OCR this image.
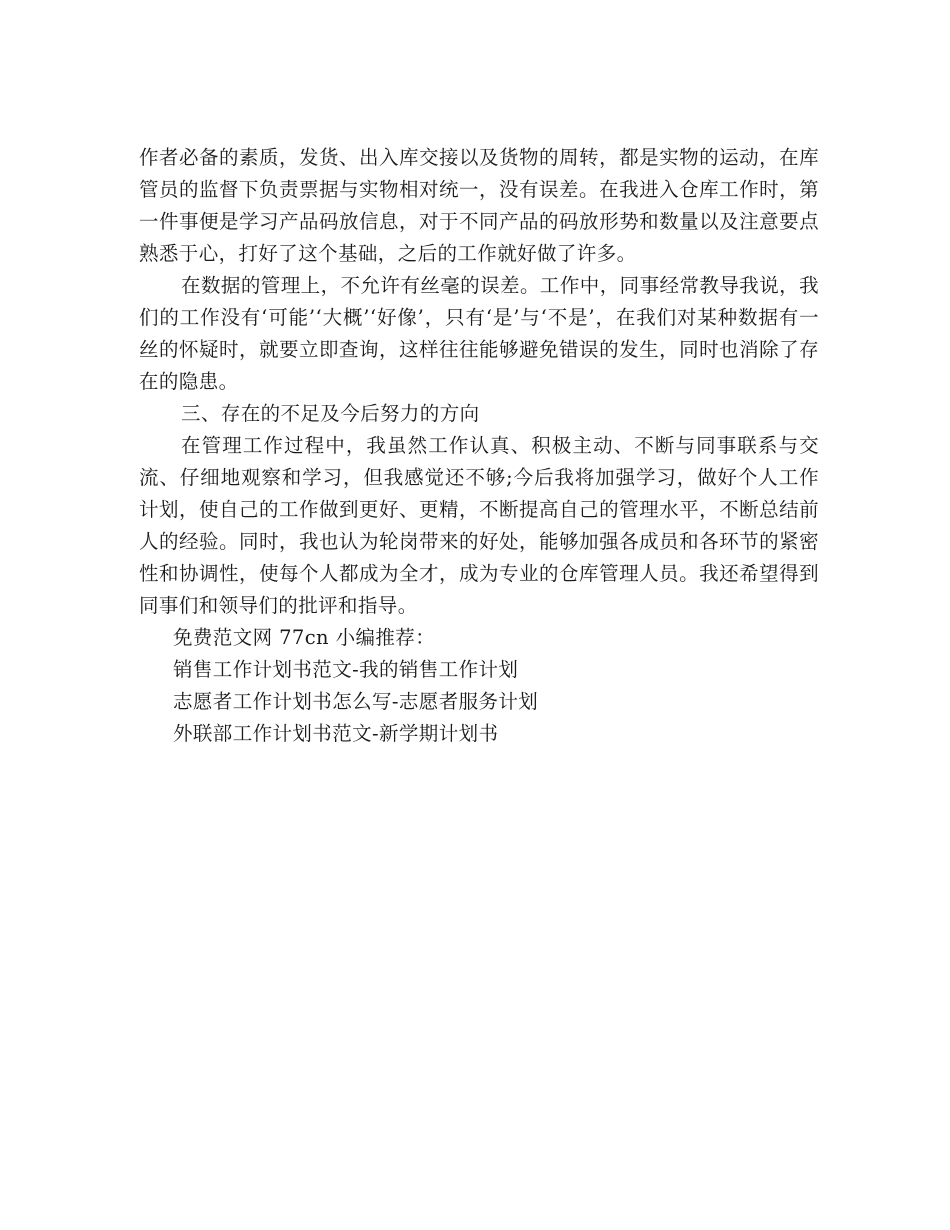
作者必备的素质，发货、出入库交接以及货物的周转，都是实物的运动，在库管员的监督下负责票据与实物相对统一，没有误差。在我进入仓库工作时，第一件事便是学习产品码放信息，对于不同产品的码放形势和数量以及注意要点熟悉于心，打好了这个基础，之后的工作就好做了许多。

在数据的管理上，不允许有丝毫的误差。工作中，同事经常教导我说，我们的工作没有‘可能’‘大概’‘好像’，只有‘是’与‘不是’，在我们对某种数据有一丝的怀疑时，就要立即查询，这样往往能够避免错误的发生，同时也消除了存在的隐患。

三、存在的不足及今后努力的方向

在管理工作过程中，我虽然工作认真、积极主动、不断与同事联系与交流、仔细地观察和学习，但我感觉还不够;今后我将加强学习，做好个人工作计划，使自己的工作做到更好、更精，不断提高自己的管理水平，不断总结前人的经验。同时，我也认为轮岗带来的好处，能够加强各成员和各环节的紧密性和协调性，使每个人都成为全才，成为专业的仓库管理人员。我还希望得到同事们和领导们的批评和指导。

免费范文网 77cn 小编推荐：

销售工作计划书范文-我的销售工作计划

志愿者工作计划书怎么写-志愿者服务计划

外联部工作计划书范文-新学期计划书
